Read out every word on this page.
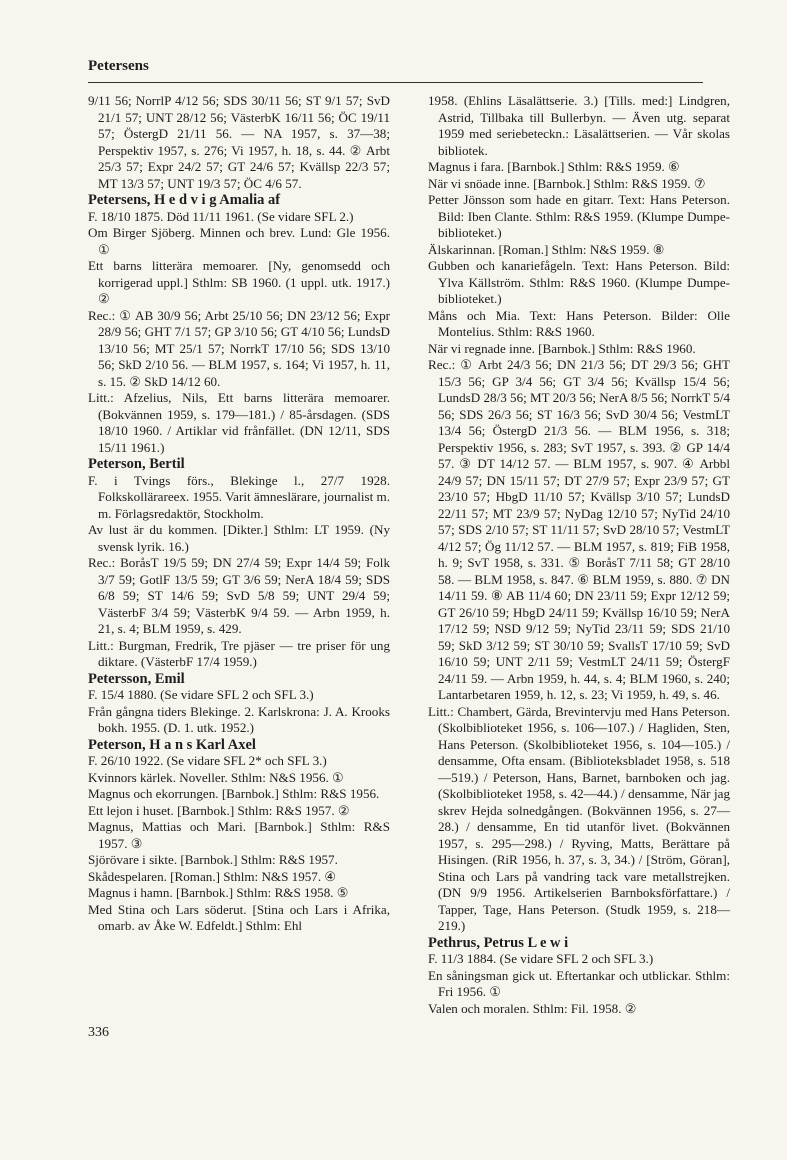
Petersens

9/11 56; NorrlP 4/12 56; SDS 30/11 56; ST 9/1 57; SvD 21/1 57; UNT 28/12 56; VästerbK 16/11 56; ÖC 19/11 57; ÖstergD 21/11 56. — NA 1957, s. 37—38; Perspektiv 1957, s. 276; Vi 1957, h. 18, s. 44. ② Arbt 25/3 57; Expr 24/2 57; GT 24/6 57; Kvällsp 22/3 57; MT 13/3 57; UNT 19/3 57; ÖC 4/6 57.

Petersens, H e d v i g Amalia af

F. 18/10 1875. Död 11/11 1961. (Se vidare SFL 2.)

Om Birger Sjöberg. Minnen och brev. Lund: Gle 1956. ①

Ett barns litterära memoarer. [Ny, genomsedd och korrigerad uppl.] Sthlm: SB 1960. (1 uppl. utk. 1917.) ②

Rec.: ① AB 30/9 56; Arbt 25/10 56; DN 23/12 56; Expr 28/9 56; GHT 7/1 57; GP 3/10 56; GT 4/10 56; LundsD 13/10 56; MT 25/1 57; NorrkT 17/10 56; SDS 13/10 56; SkD 2/10 56. — BLM 1957, s. 164; Vi 1957, h. 11, s. 15. ② SkD 14/12 60.

Litt.: Afzelius, Nils, Ett barns litterära memoarer. (Bokvännen 1959, s. 179—181.) / 85-årsdagen. (SDS 18/10 1960. / Artiklar vid frånfället. (DN 12/11, SDS 15/11 1961.)

Peterson, Bertil

F. i Tvings förs., Blekinge l., 27/7 1928. Folkskollärareex. 1955. Varit ämneslärare, journalist m. m. Förlagsredaktör, Stockholm.

Av lust är du kommen. [Dikter.] Sthlm: LT 1959. (Ny svensk lyrik. 16.)

Rec.: BoråsT 19/5 59; DN 27/4 59; Expr 14/4 59; Folk 3/7 59; GotlF 13/5 59; GT 3/6 59; NerA 18/4 59; SDS 6/8 59; ST 14/6 59; SvD 5/8 59; UNT 29/4 59; VästerbF 3/4 59; VästerbK 9/4 59. — Arbn 1959, h. 21, s. 4; BLM 1959, s. 429.

Litt.: Burgman, Fredrik, Tre pjäser — tre priser för ung diktare. (VästerbF 17/4 1959.)

Petersson, Emil

F. 15/4 1880. (Se vidare SFL 2 och SFL 3.)

Från gångna tiders Blekinge. 2. Karlskrona: J. A. Krooks bokh. 1955. (D. 1. utk. 1952.)

Peterson, H a n s Karl Axel

F. 26/10 1922. (Se vidare SFL 2* och SFL 3.)

Kvinnors kärlek. Noveller. Sthlm: N&S 1956. ①

Magnus och ekorrungen. [Barnbok.] Sthlm: R&S 1956.

Ett lejon i huset. [Barnbok.] Sthlm: R&S 1957. ②

Magnus, Mattias och Mari. [Barnbok.] Sthlm: R&S 1957. ③

Sjörövare i sikte. [Barnbok.] Sthlm: R&S 1957.

Skådespelaren. [Roman.] Sthlm: N&S 1957. ④

Magnus i hamn. [Barnbok.] Sthlm: R&S 1958. ⑤

Med Stina och Lars söderut. [Stina och Lars i Afrika, omarb. av Åke W. Edfeldt.] Sthlm: Ehl

1958. (Ehlins Läsalättserie. 3.) [Tills. med:] Lindgren, Astrid, Tillbaka till Bullerbyn. — Även utg. separat 1959 med seriebeteckn.: Läsalättserien. — Vår skolas bibliotek.

Magnus i fara. [Barnbok.] Sthlm: R&S 1959. ⑥

När vi snöade inne. [Barnbok.] Sthlm: R&S 1959. ⑦

Petter Jönsson som hade en gitarr. Text: Hans Peterson. Bild: Iben Clante. Sthlm: R&S 1959. (Klumpe Dumpe-biblioteket.)

Älskarinnan. [Roman.] Sthlm: N&S 1959. ⑧

Gubben och kanariefågeln. Text: Hans Peterson. Bild: Ylva Källström. Sthlm: R&S 1960. (Klumpe Dumpe-biblioteket.)

Måns och Mia. Text: Hans Peterson. Bilder: Olle Montelius. Sthlm: R&S 1960.

När vi regnade inne. [Barnbok.] Sthlm: R&S 1960.

Rec.: ① Arbt 24/3 56; DN 21/3 56; DT 29/3 56; GHT 15/3 56; GP 3/4 56; GT 3/4 56; Kvällsp 15/4 56; LundsD 28/3 56; MT 20/3 56; NerA 8/5 56; NorrkT 5/4 56; SDS 26/3 56; ST 16/3 56; SvD 30/4 56; VestmLT 13/4 56; ÖstergD 21/3 56. — BLM 1956, s. 318; Perspektiv 1956, s. 283; SvT 1957, s. 393. ② GP 14/4 57. ③ DT 14/12 57. — BLM 1957, s. 907. ④ Arbbl 24/9 57; DN 15/11 57; DT 27/9 57; Expr 23/9 57; GT 23/10 57; HbgD 11/10 57; Kvällsp 3/10 57; LundsD 22/11 57; MT 23/9 57; NyDag 12/10 57; NyTid 24/10 57; SDS 2/10 57; ST 11/11 57; SvD 28/10 57; VestmLT 4/12 57; Ög 11/12 57. — BLM 1957, s. 819; FiB 1958, h. 9; SvT 1958, s. 331. ⑤ BoråsT 7/11 58; GT 28/10 58. — BLM 1958, s. 847. ⑥ BLM 1959, s. 880. ⑦ DN 14/11 59. ⑧ AB 11/4 60; DN 23/11 59; Expr 12/12 59; GT 26/10 59; HbgD 24/11 59; Kvällsp 16/10 59; NerA 17/12 59; NSD 9/12 59; NyTid 23/11 59; SDS 21/10 59; SkD 3/12 59; ST 30/10 59; SvallsT 17/10 59; SvD 16/10 59; UNT 2/11 59; VestmLT 24/11 59; ÖstergF 24/11 59. — Arbn 1959, h. 44, s. 4; BLM 1960, s. 240; Lantarbetaren 1959, h. 12, s. 23; Vi 1959, h. 49, s. 46.

Litt.: Chambert, Gärda, Brevintervju med Hans Peterson. (Skolbiblioteket 1956, s. 106—107.) / Hagliden, Sten, Hans Peterson. (Skolbiblioteket 1956, s. 104—105.) / densamme, Ofta ensam. (Biblioteksbladet 1958, s. 518—519.) / Peterson, Hans, Barnet, barnboken och jag. (Skolbiblioteket 1958, s. 42—44.) / densamme, När jag skrev Hejda solnedgången. (Bokvännen 1956, s. 27—28.) / densamme, En tid utanför livet. (Bokvännen 1957, s. 295—298.) / Ryving, Matts, Berättare på Hisingen. (RiR 1956, h. 37, s. 3, 34.) / [Ström, Göran], Stina och Lars på vandring tack vare metallstrejken. (DN 9/9 1956. Artikelserien Barnboksförfattare.) / Tapper, Tage, Hans Peterson. (Studk 1959, s. 218—219.)

Pethrus, Petrus L e w i

F. 11/3 1884. (Se vidare SFL 2 och SFL 3.)

En såningsman gick ut. Eftertankar och utblickar. Sthlm: Fri 1956. ①

Valen och moralen. Sthlm: Fil. 1958. ②

336
